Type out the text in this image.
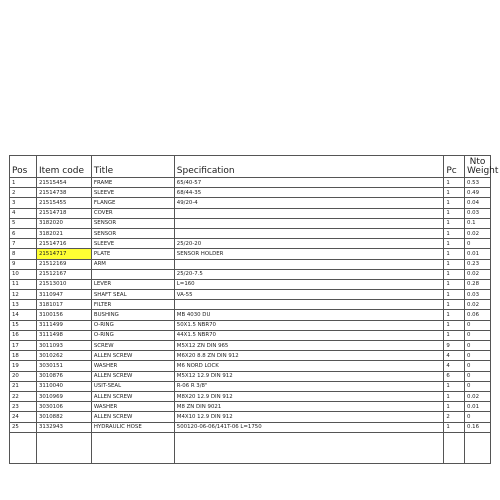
Pos	Item code	Title	Specification	Pc	Nto Weight
1	21515454	FRAME	65/40-57	1	0.53
2	21514738	SLEEVE	68/44-35	1	0.49
3	21515455	FLANGE	49/20-4	1	0.04
4	21514718	COVER		1	0.03
5	3182020	SENSOR		1	0.1
6	3182021	SENSOR		1	0.02
7	21514716	SLEEVE	25/20-20	1	0
8	21514717	PLATE	SENSOR HOLDER	1	0.01
9	21512169	ARM		1	0.23
10	21512167		25/20-7.5	1	0.02
11	21513010	LEVER	L=160	1	0.28
12	3110947	SHAFT SEAL	VA-55	1	0.03
13	3181017	FILTER		1	0.02
14	3100156	BUSHING	MB 4030 DU	1	0.06
15	3111499	O-RING	50X1.5 NBR70	1	0
16	3111498	O-RING	44X1.5 NBR70	1	0
17	3011093	SCREW	M5X12 ZN DIN 965	9	0
18	3010262	ALLEN SCREW	M6X20 8.8 ZN DIN 912	4	0
19	3030151	WASHER	M6 NORD LOCK	4	0
20	3010876	ALLEN SCREW	M5X12 12.9 DIN 912	6	0
21	3110040	USIT-SEAL	R-06 R 3/8"	1	0
22	3010969	ALLEN SCREW	M8X20 12.9 DIN 912	1	0.02
23	3030106	WASHER	M8 ZN DIN 9021	1	0.01
24	3010882	ALLEN SCREW	M4X10 12.9 DIN 912	2	0
25	3132943	HYDRAULIC HOSE	500120-06-06/141T-06 L=1750	1	0.16
